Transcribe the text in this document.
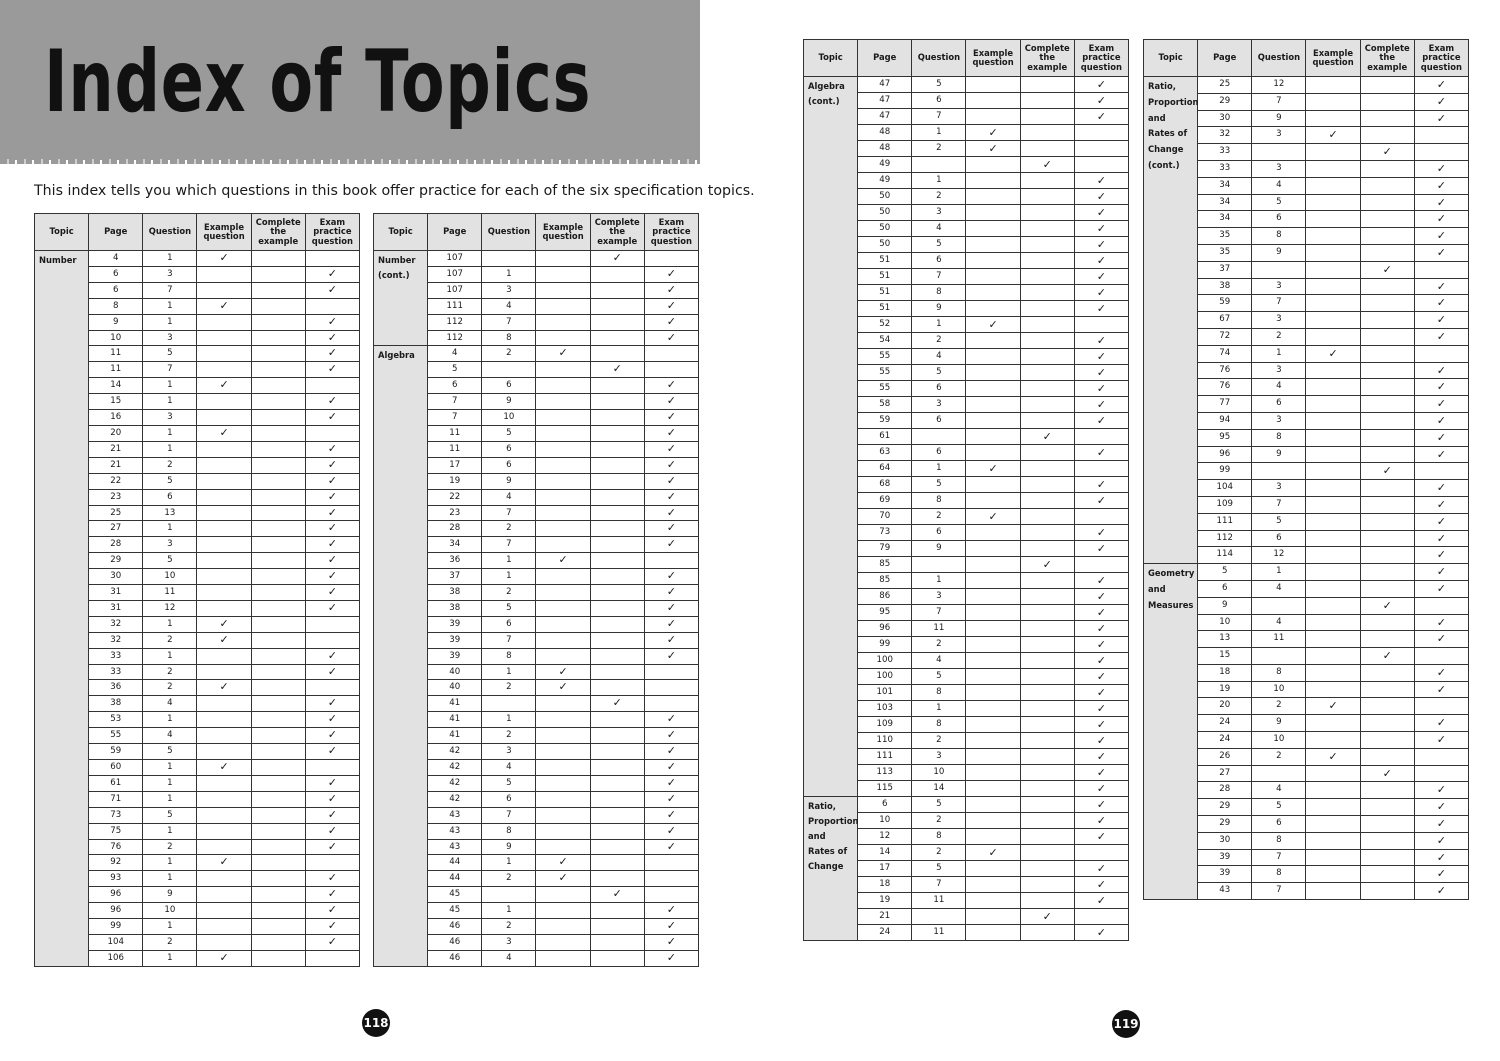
Index of Topics

This index tells you which questions in this book offer practice for each of the six specification topics.

Topic	Page	Question	Example question	Complete the example	Exam practice question
Number	4	1	✓		
	6	3			✓
	6	7			✓
	8	1	✓		
	9	1			✓
	10	3			✓
	11	5			✓
	11	7			✓
	14	1	✓		
	15	1			✓
	16	3			✓
	20	1	✓		
	21	1			✓
	21	2			✓
	22	5			✓
	23	6			✓
	25	13			✓
	27	1			✓
	28	3			✓
	29	5			✓
	30	10			✓
	31	11			✓
	31	12			✓
	32	1	✓		
	32	2	✓		
	33	1			✓
	33	2			✓
	36	2	✓		
	38	4			✓
	53	1			✓
	55	4			✓
	59	5			✓
	60	1	✓		
	61	1			✓
	71	1			✓
	73	5			✓
	75	1			✓
	76	2			✓
	92	1	✓		
	93	1			✓
	96	9			✓
	96	10			✓
	99	1			✓
	104	2			✓
	106	1	✓		
Topic	Page	Question	Example question	Complete the example	Exam practice question
Number (cont.)	107			✓	
	107	1			✓
	107	3			✓
	111	4			✓
	112	7			✓
	112	8			✓
Algebra	4	2	✓		
	5			✓	
	6	6			✓
	7	9			✓
	7	10			✓
	11	5			✓
	11	6			✓
	17	6			✓
	19	9			✓
	22	4			✓
	23	7			✓
	28	2			✓
	34	7			✓
	36	1	✓		
	37	1			✓
	38	2			✓
	38	5			✓
	39	6			✓
	39	7			✓
	39	8			✓
	40	1	✓		
	40	2	✓		
	41			✓	
	41	1			✓
	41	2			✓
	42	3			✓
	42	4			✓
	42	5			✓
	42	6			✓
	43	7			✓
	43	8			✓
	43	9			✓
	44	1	✓		
	44	2	✓		
	45			✓	
	45	1			✓
	46	2			✓
	46	3			✓
	46	4			✓
Topic	Page	Question	Example question	Complete the example	Exam practice question
Algebra (cont.)	47	5			✓
	47	6			✓
	47	7			✓
	48	1	✓		
	48	2	✓		
	49			✓	
	49	1			✓
	50	2			✓
	50	3			✓
	50	4			✓
	50	5			✓
	51	6			✓
	51	7			✓
	51	8			✓
	51	9			✓
	52	1	✓		
	54	2			✓
	55	4			✓
	55	5			✓
	55	6			✓
	58	3			✓
	59	6			✓
	61			✓	
	63	6			✓
	64	1	✓		
	68	5			✓
	69	8			✓
	70	2	✓		
	73	6			✓
	79	9			✓
	85			✓	
	85	1			✓
	86	3			✓
	95	7			✓
	96	11			✓
	99	2			✓
	100	4			✓
	100	5			✓
	101	8			✓
	103	1			✓
	109	8			✓
	110	2			✓
	111	3			✓
	113	10			✓
	115	14			✓
Ratio, Proportion and Rates of Change	6	5			✓
	10	2			✓
	12	8			✓
	14	2	✓		
	17	5			✓
	18	7			✓
	19	11			✓
	21			✓	
	24	11			✓
Topic	Page	Question	Example question	Complete the example	Exam practice question
Ratio, Proportion and Rates of Change (cont.)	25	12			✓
	29	7			✓
	30	9			✓
	32	3	✓		
	33			✓	
	33	3			✓
	34	4			✓
	34	5			✓
	34	6			✓
	35	8			✓
	35	9			✓
	37			✓	
	38	3			✓
	59	7			✓
	67	3			✓
	72	2			✓
	74	1	✓		
	76	3			✓
	76	4			✓
	77	6			✓
	94	3			✓
	95	8			✓
	96	9			✓
	99			✓	
	104	3			✓
	109	7			✓
	111	5			✓
	112	6			✓
	114	12			✓
Geometry and Measures	5	1			✓
	6	4			✓
	9			✓	
	10	4			✓
	13	11			✓
	15			✓	
	18	8			✓
	19	10			✓
	20	2	✓		
	24	9			✓
	24	10			✓
	26	2	✓		
	27			✓	
	28	4			✓
	29	5			✓
	29	6			✓
	30	8			✓
	39	7			✓
	39	8			✓
	43	7			✓
118	119
